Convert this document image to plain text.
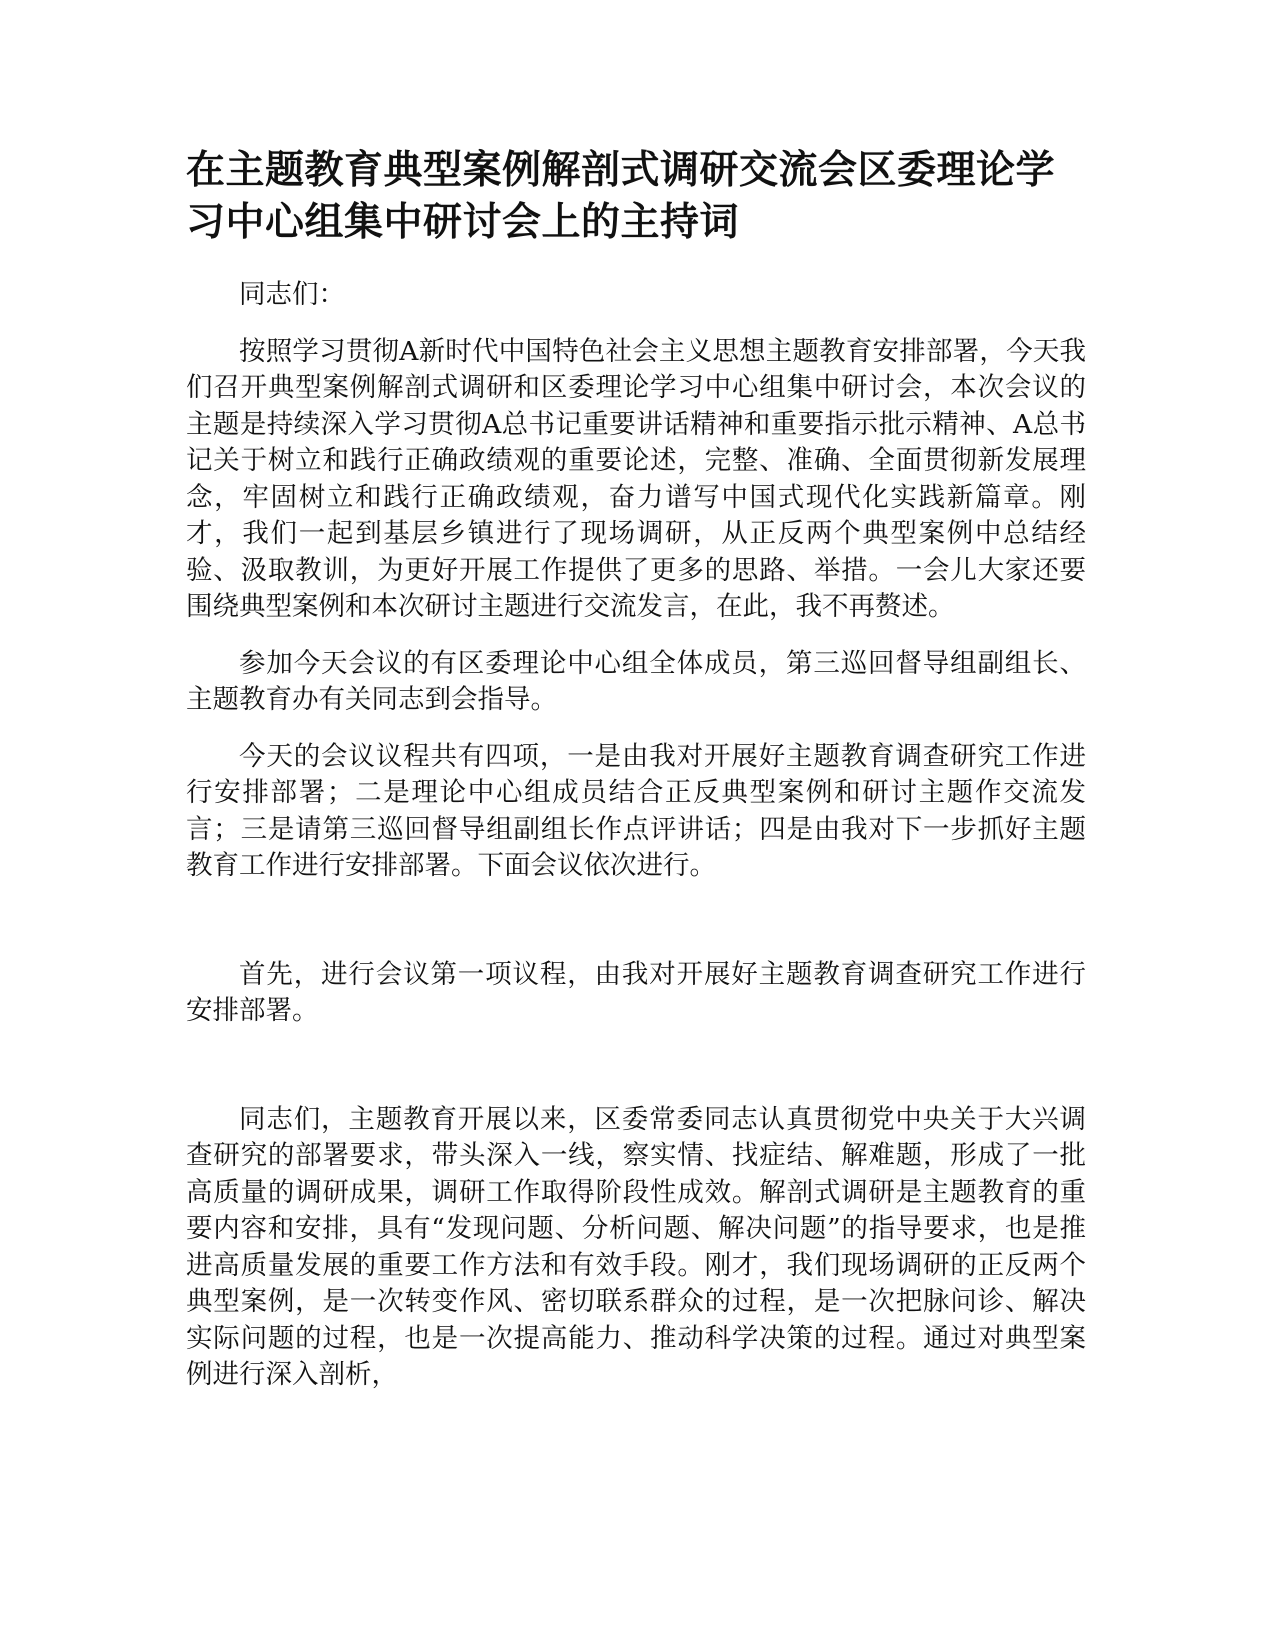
在主题教育典型案例解剖式调研交流会区委理论学习中心组集中研讨会上的主持词

同志们：

按照学习贯彻A新时代中国特色社会主义思想主题教育安排部署，今天我们召开典型案例解剖式调研和区委理论学习中心组集中研讨会，本次会议的主题是持续深入学习贯彻A总书记重要讲话精神和重要指示批示精神、A总书记关于树立和践行正确政绩观的重要论述，完整、准确、全面贯彻新发展理念，牢固树立和践行正确政绩观，奋力谱写中国式现代化实践新篇章。刚才，我们一起到基层乡镇进行了现场调研，从正反两个典型案例中总结经验、汲取教训，为更好开展工作提供了更多的思路、举措。一会儿大家还要围绕典型案例和本次研讨主题进行交流发言，在此，我不再赘述。

参加今天会议的有区委理论中心组全体成员，第三巡回督导组副组长、主题教育办有关同志到会指导。

今天的会议议程共有四项，一是由我对开展好主题教育调查研究工作进行安排部署；二是理论中心组成员结合正反典型案例和研讨主题作交流发言；三是请第三巡回督导组副组长作点评讲话；四是由我对下一步抓好主题教育工作进行安排部署。下面会议依次进行。

首先，进行会议第一项议程，由我对开展好主题教育调查研究工作进行安排部署。

同志们，主题教育开展以来，区委常委同志认真贯彻党中央关于大兴调查研究的部署要求，带头深入一线，察实情、找症结、解难题，形成了一批高质量的调研成果，调研工作取得阶段性成效。解剖式调研是主题教育的重要内容和安排，具有“发现问题、分析问题、解决问题”的指导要求，也是推进高质量发展的重要工作方法和有效手段。刚才，我们现场调研的正反两个典型案例，是一次转变作风、密切联系群众的过程，是一次把脉问诊、解决实际问题的过程，也是一次提高能力、推动科学决策的过程。通过对典型案例进行深入剖析，
